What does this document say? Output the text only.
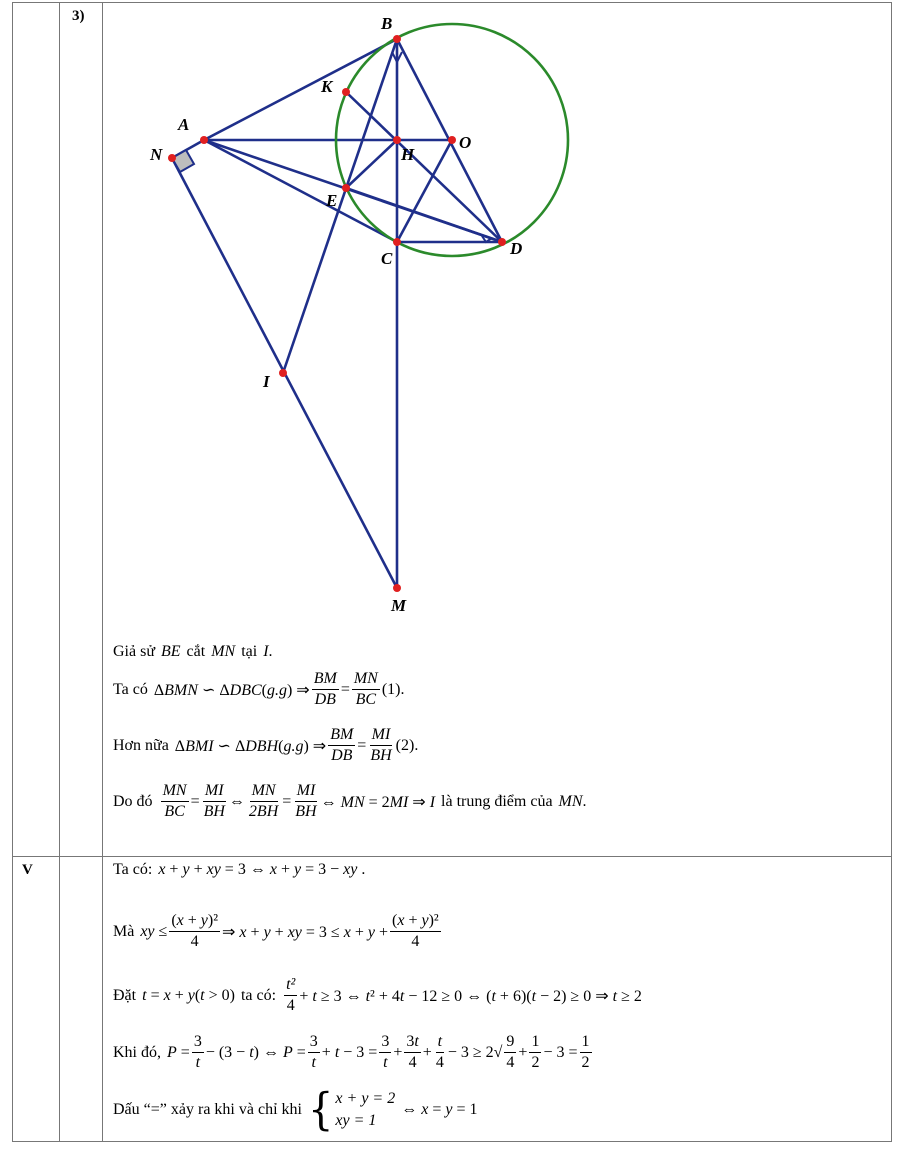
3)
V
A
B
C
D
E
H
I
K
M
N
O
Giả sử BE cắt MN tại I .
Ta có ΔBMN ∽ ΔDBC(g.g) ⇒ $\frac{BM}{DB} = \frac{MN}{BC} (1)$.
Hơn nữa ΔBMI ∽ ΔDBH(g.g) ⇒ $\frac{BM}{DB} = \frac{MI}{BH} (2)$.
Do đó $\frac{MN}{BC} = \frac{MI}{BH}$ ⇔ $\frac{MN}{2BH} = \frac{MI}{BH}$ ⇔ MN = 2MI ⇒ I là trung điểm của MN .
Ta có: x + y + xy = 3 ⇔ x + y = 3 − xy .
Mà xy ≤ $\frac{\text{(x + y)²}}{4}$ ⇒ x + y + xy = $3 \le x + y + \frac{\text{(x + y)²}}{4}$
Đặt t = x + y(t > 0) ta có: $\frac{\text{t²}}{4} + t \ge 3$ ⇔ t² + 4t − 12 ≥ 0 ⇔ (t + 6)(t − 2) ≥ 0 ⇒ t ≥ 2
Khi đó, $P = \frac{3}{t} - (3 - t)$ ⇔ $P = \frac{3}{t} + t - 3 = \frac{3}{t} + \frac{3t}{4} + \frac{t}{4} - 3 \ge 2√ \frac{9}{4} + \frac{1}{2} - 3 = \frac{1}{2}$
Dấu “=” xảy ra khi và chỉ khi { x + y = 2
xy = 1
⇔ x = y = 1
